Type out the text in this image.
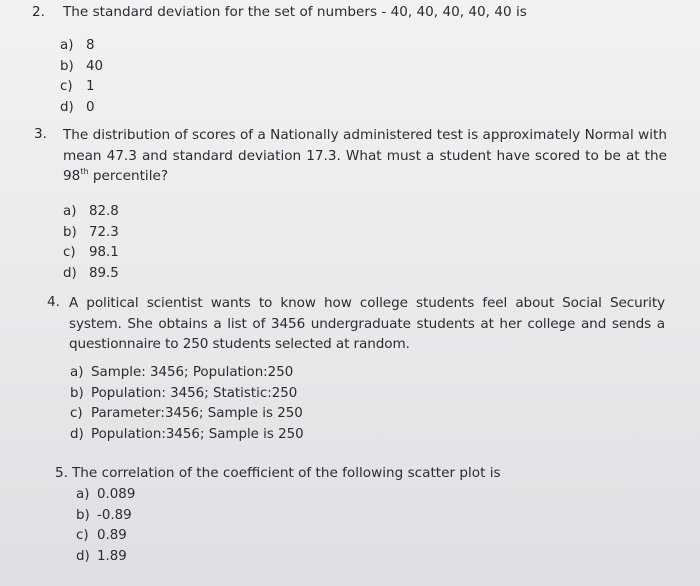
2. The standard deviation for the set of numbers - 40, 40, 40, 40, 40 is
a) 8
b) 40
c) 1
d) 0
3. The distribution of scores of a Nationally administered test is approximately Normal with mean 47.3 and standard deviation 17.3. What must a student have scored to be at the 98th percentile?
a) 82.8
b) 72.3
c) 98.1
d) 89.5
4. A political scientist wants to know how college students feel about Social Security system. She obtains a list of 3456 undergraduate students at her college and sends a questionnaire to 250 students selected at random.
a) Sample: 3456; Population:250
b) Population: 3456; Statistic:250
c) Parameter:3456; Sample is 250
d) Population:3456; Sample is 250
5. The correlation of the coefficient of the following scatter plot is
a) 0.089
b) -0.89
c) 0.89
d) 1.89
